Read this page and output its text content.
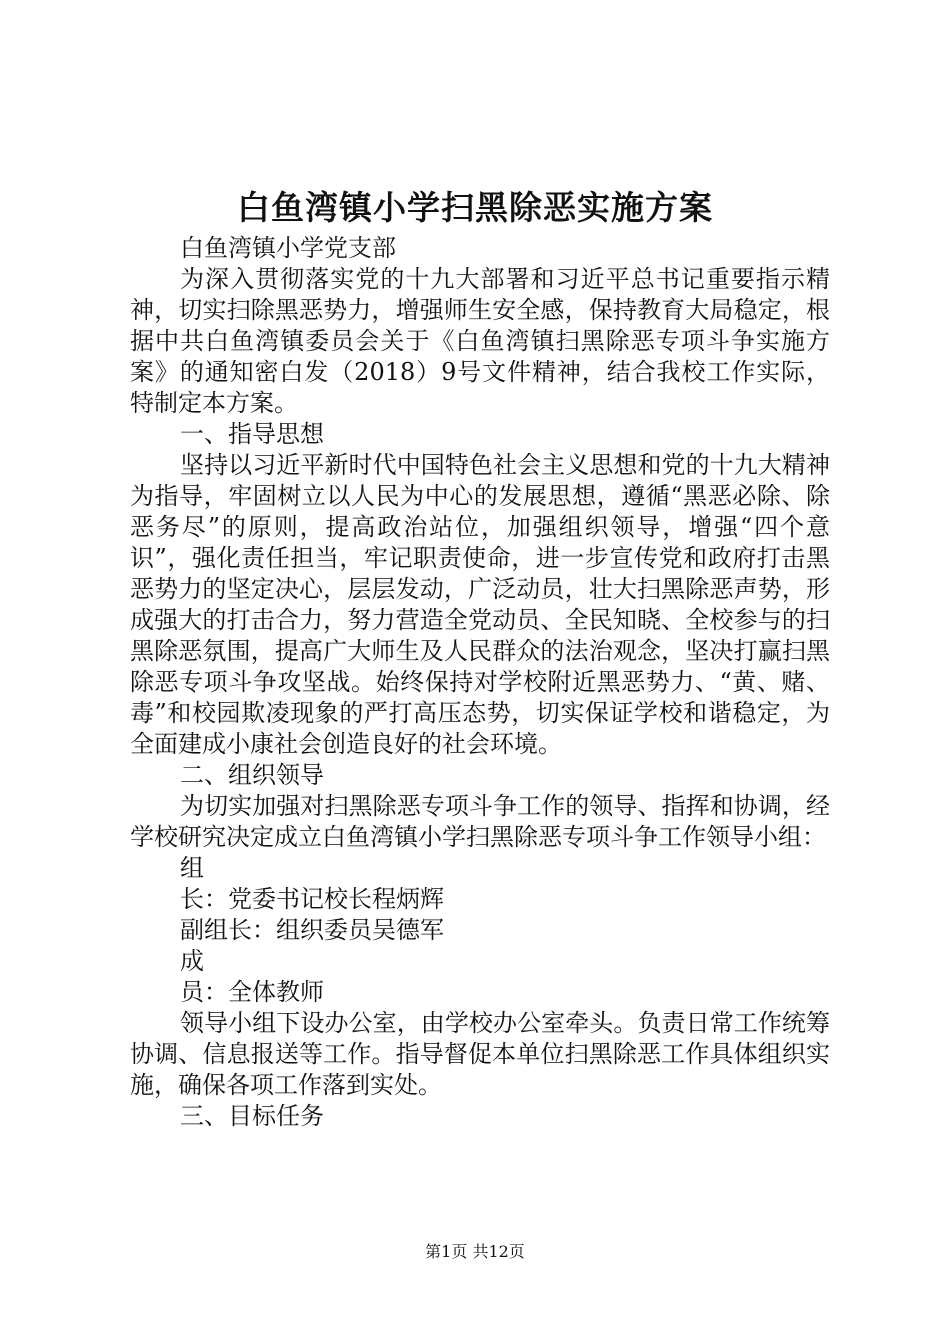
白鱼湾镇小学扫黑除恶实施方案

白鱼湾镇小学党支部

为深入贯彻落实党的十九大部署和习近平总书记重要指示精神，切实扫除黑恶势力，增强师生安全感，保持教育大局稳定，根据中共白鱼湾镇委员会关于《白鱼湾镇扫黑除恶专项斗争实施方案》的通知密白发（2018）9号文件精神，结合我校工作实际，特制定本方案。

一、指导思想

坚持以习近平新时代中国特色社会主义思想和党的十九大精神为指导，牢固树立以人民为中心的发展思想，遵循“黑恶必除、除恶务尽”的原则，提高政治站位，加强组织领导，增强“四个意识”，强化责任担当，牢记职责使命，进一步宣传党和政府打击黑恶势力的坚定决心，层层发动，广泛动员，壮大扫黑除恶声势，形成强大的打击合力，努力营造全党动员、全民知晓、全校参与的扫黑除恶氛围，提高广大师生及人民群众的法治观念，坚决打赢扫黑除恶专项斗争攻坚战。始终保持对学校附近黑恶势力、“黄、赌、毒”和校园欺凌现象的严打高压态势，切实保证学校和谐稳定，为全面建成小康社会创造良好的社会环境。

二、组织领导

为切实加强对扫黑除恶专项斗争工作的领导、指挥和协调，经学校研究决定成立白鱼湾镇小学扫黑除恶专项斗争工作领导小组：

组

长：党委书记校长程炳辉

副组长：组织委员吴德军

成

员：全体教师

领导小组下设办公室，由学校办公室牵头。负责日常工作统筹协调、信息报送等工作。指导督促本单位扫黑除恶工作具体组织实施，确保各项工作落到实处。

三、目标任务

第1页 共12页
